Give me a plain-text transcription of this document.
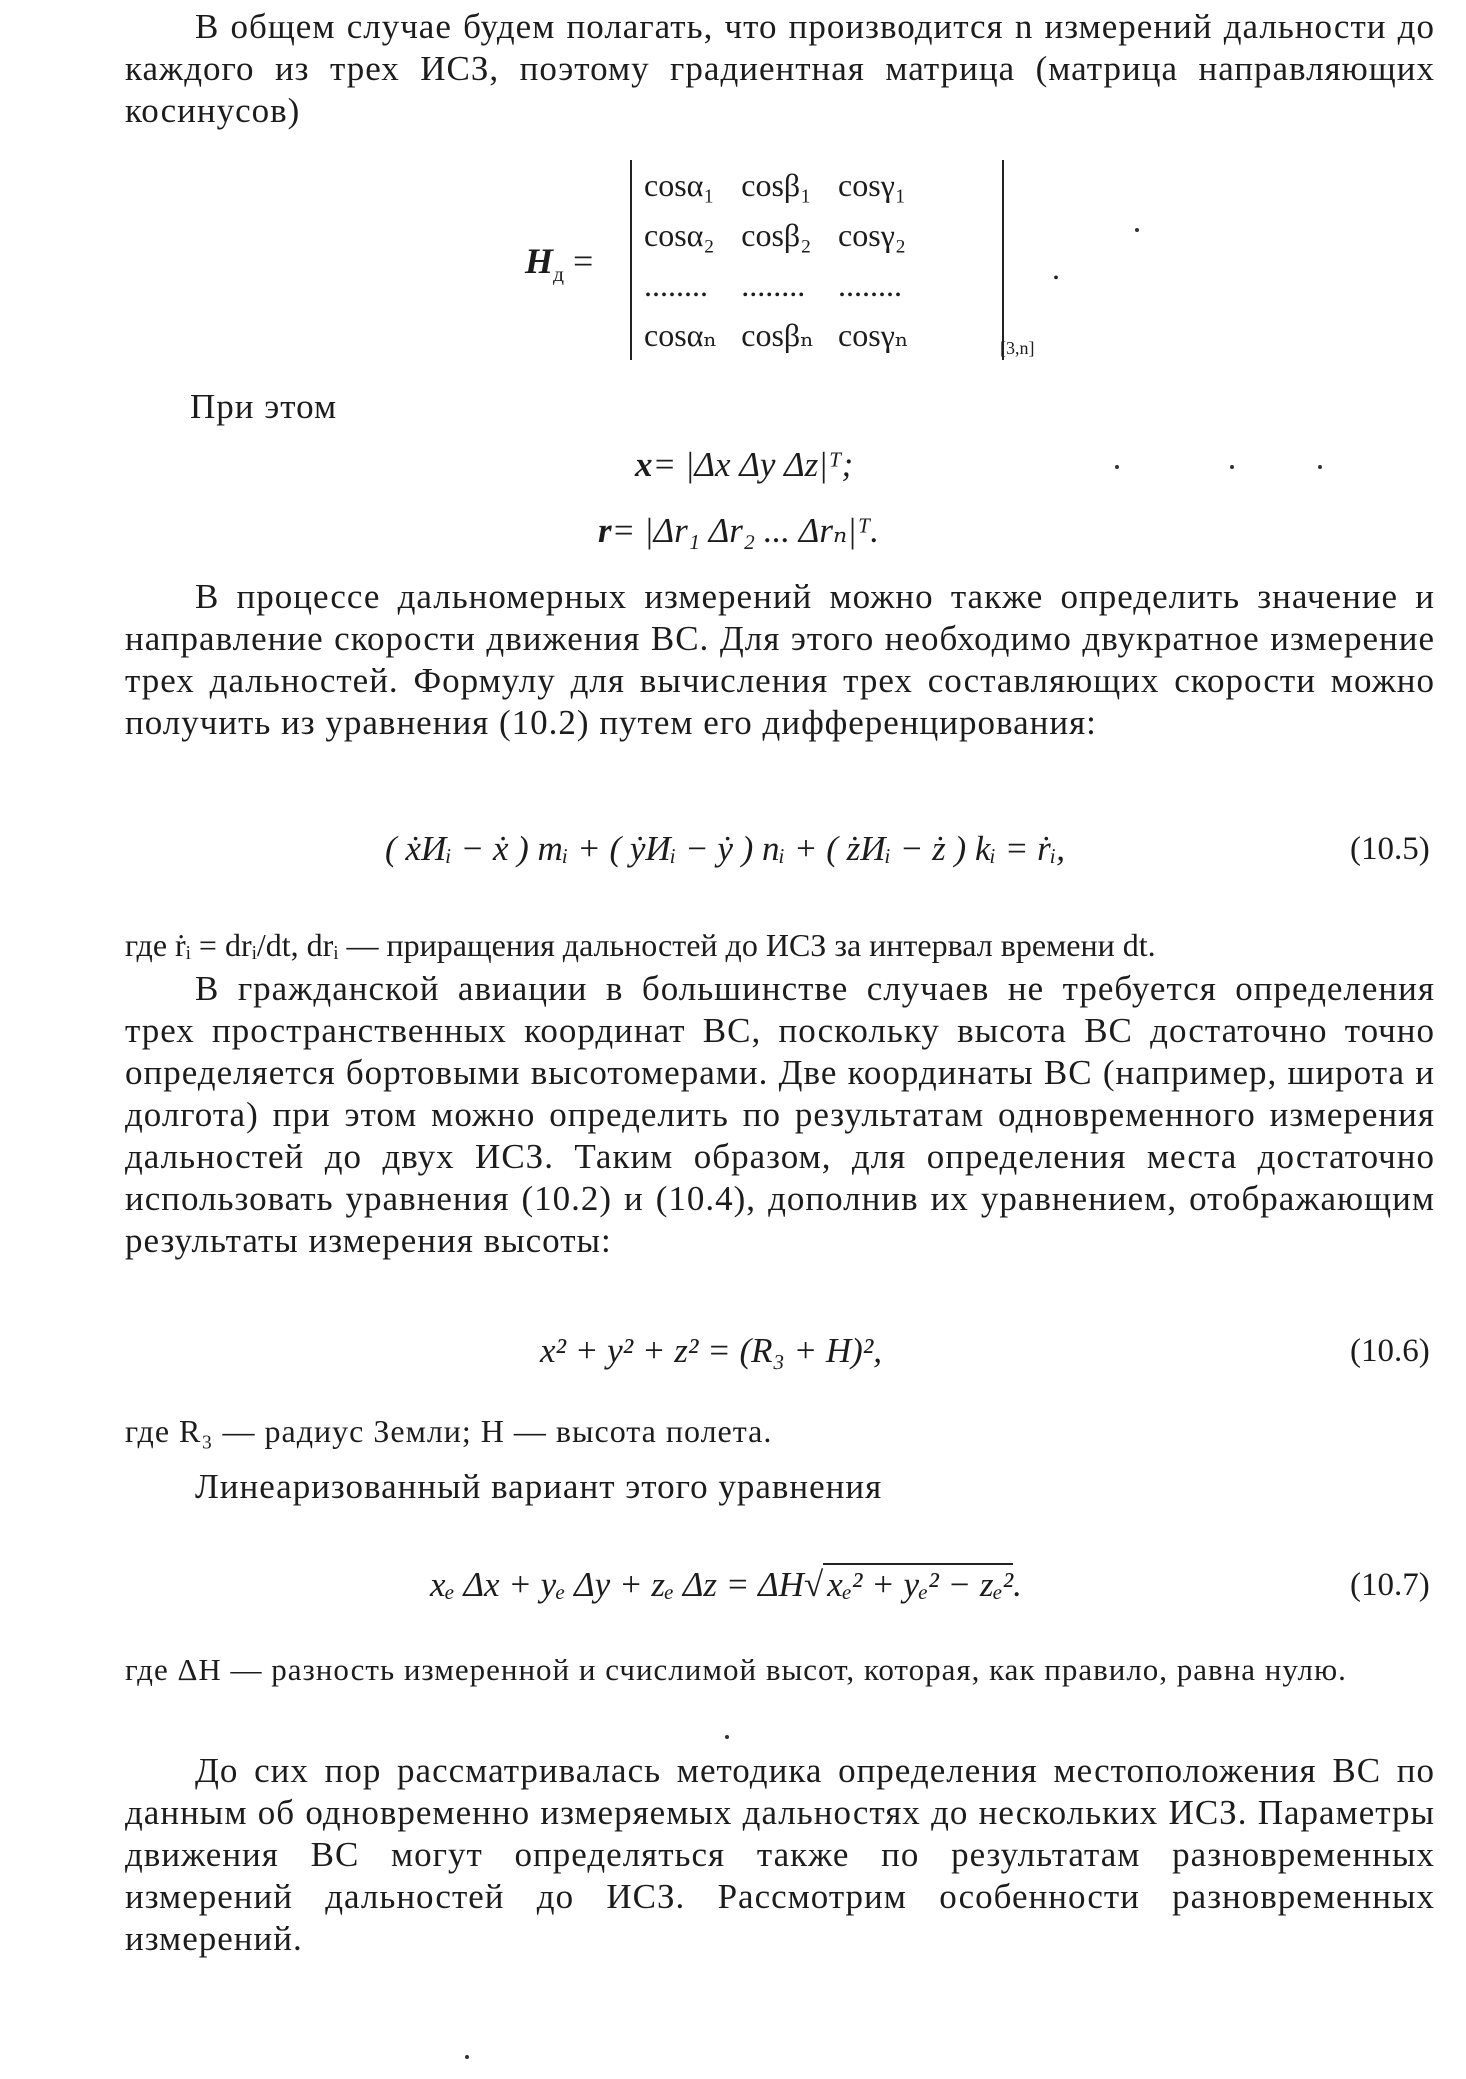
В общем случае будем полагать, что производится n измерений дальности до каждого из трех ИСЗ, поэтому градиентная матрица (матрица направляющих косинусов)

$H_д$ =
cosα₁	cosβ₁	cosγ₁
cosα₂	cosβ₂	cosγ₂
........	........	........
cosαₙ	cosβₙ	cosγₙ	[3,n]
.
При этом
x= |Δx Δy Δz|ᵀ;
r= |Δr₁ Δr₂ ... Δrₙ|ᵀ.

В процессе дальномерных измерений можно также определить значение и направление скорости движения ВС. Для этого необходимо двукратное измерение трех дальностей. Формулу для вычисления трех составляющих скорости можно получить из уравнения (10.2) путем его дифференцирования:

( ẋИᵢ − ẋ ) mᵢ + ( ẏИᵢ − ẏ ) nᵢ + ( żИᵢ − ż ) kᵢ = ṙᵢ,	(10.5)

где ṙᵢ = drᵢ/dt, drᵢ — приращения дальностей до ИСЗ за интервал времени dt.

В гражданской авиации в большинстве случаев не требуется определения трех пространственных координат ВС, поскольку высота ВС достаточно точно определяется бортовыми высотомерами. Две координаты ВС (например, широта и долгота) при этом можно определить по результатам одновременного измерения дальностей до двух ИСЗ. Таким образом, для определения места достаточно использовать уравнения (10.2) и (10.4), дополнив их уравнением, отображающим результаты измерения высоты:

x² + y² + z² = (R₃ + H)²,	(10.6)
где R₃ — радиус Земли; H — высота полета.
Линеаризованный вариант этого уравнения
xₑ Δx + yₑ Δy + zₑ Δz = ΔH√ xₑ² + yₑ² − zₑ².	(10.7)

где ΔH — разность измеренной и счислимой высот, которая, как правило, равна нулю.

До сих пор рассматривалась методика определения местоположения ВС по данным об одновременно измеряемых дальностях до нескольких ИСЗ. Параметры движения ВС могут определяться также по результатам разновременных измерений дальностей до ИСЗ. Рассмотрим особенности разновременных измерений.
